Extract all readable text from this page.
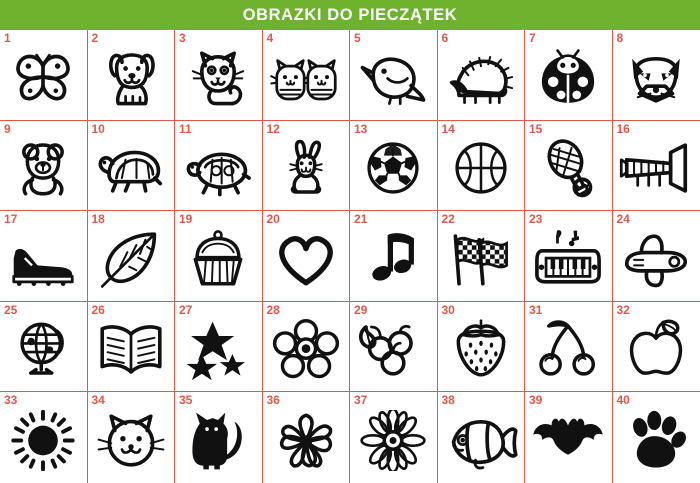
OBRAZKI DO PIECZĄTEK
1	2	3	4	5	6	7	8
9	10	11	12	13	14	15	16
17	18	19	20	21	22	23	24
25	26	27	28	29	30	31	32
33	34	35	36	37	38	39	40
